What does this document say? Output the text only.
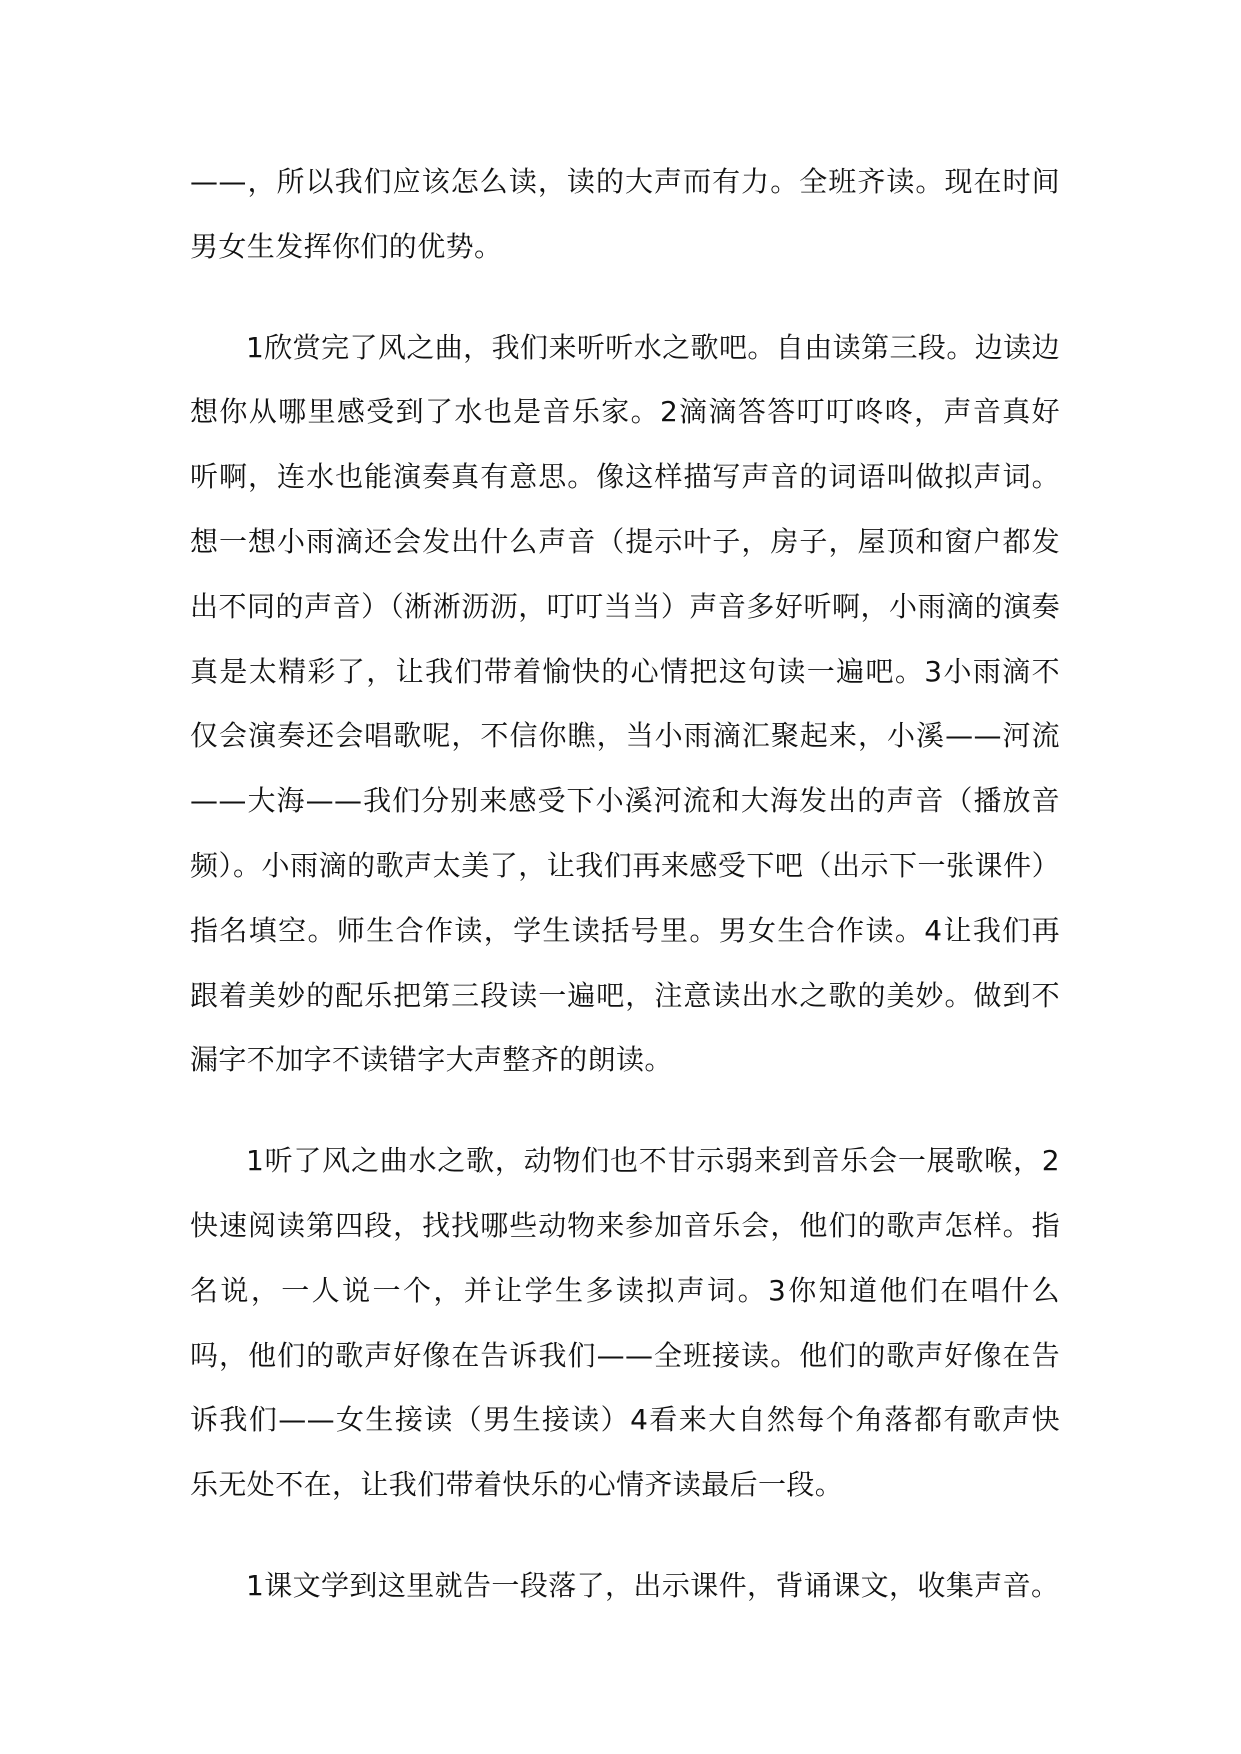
——，所以我们应该怎么读，读的大声而有力。全班齐读。现在时间男女生发挥你们的优势。

1欣赏完了风之曲，我们来听听水之歌吧。自由读第三段。边读边想你从哪里感受到了水也是音乐家。2滴滴答答叮叮咚咚，声音真好听啊，连水也能演奏真有意思。像这样描写声音的词语叫做拟声词。想一想小雨滴还会发出什么声音（提示叶子，房子，屋顶和窗户都发出不同的声音）（淅淅沥沥，叮叮当当）声音多好听啊，小雨滴的演奏真是太精彩了，让我们带着愉快的心情把这句读一遍吧。3小雨滴不仅会演奏还会唱歌呢，不信你瞧，当小雨滴汇聚起来，小溪——河流——大海——我们分别来感受下小溪河流和大海发出的声音（播放音频）。小雨滴的歌声太美了，让我们再来感受下吧（出示下一张课件）指名填空。师生合作读，学生读括号里。男女生合作读。4让我们再跟着美妙的配乐把第三段读一遍吧，注意读出水之歌的美妙。做到不漏字不加字不读错字大声整齐的朗读。

1听了风之曲水之歌，动物们也不甘示弱来到音乐会一展歌喉，2快速阅读第四段，找找哪些动物来参加音乐会，他们的歌声怎样。指名说，一人说一个，并让学生多读拟声词。3你知道他们在唱什么吗，他们的歌声好像在告诉我们——全班接读。他们的歌声好像在告诉我们——女生接读（男生接读）4看来大自然每个角落都有歌声快乐无处不在，让我们带着快乐的心情齐读最后一段。

1课文学到这里就告一段落了，出示课件，背诵课文，收集声音。
